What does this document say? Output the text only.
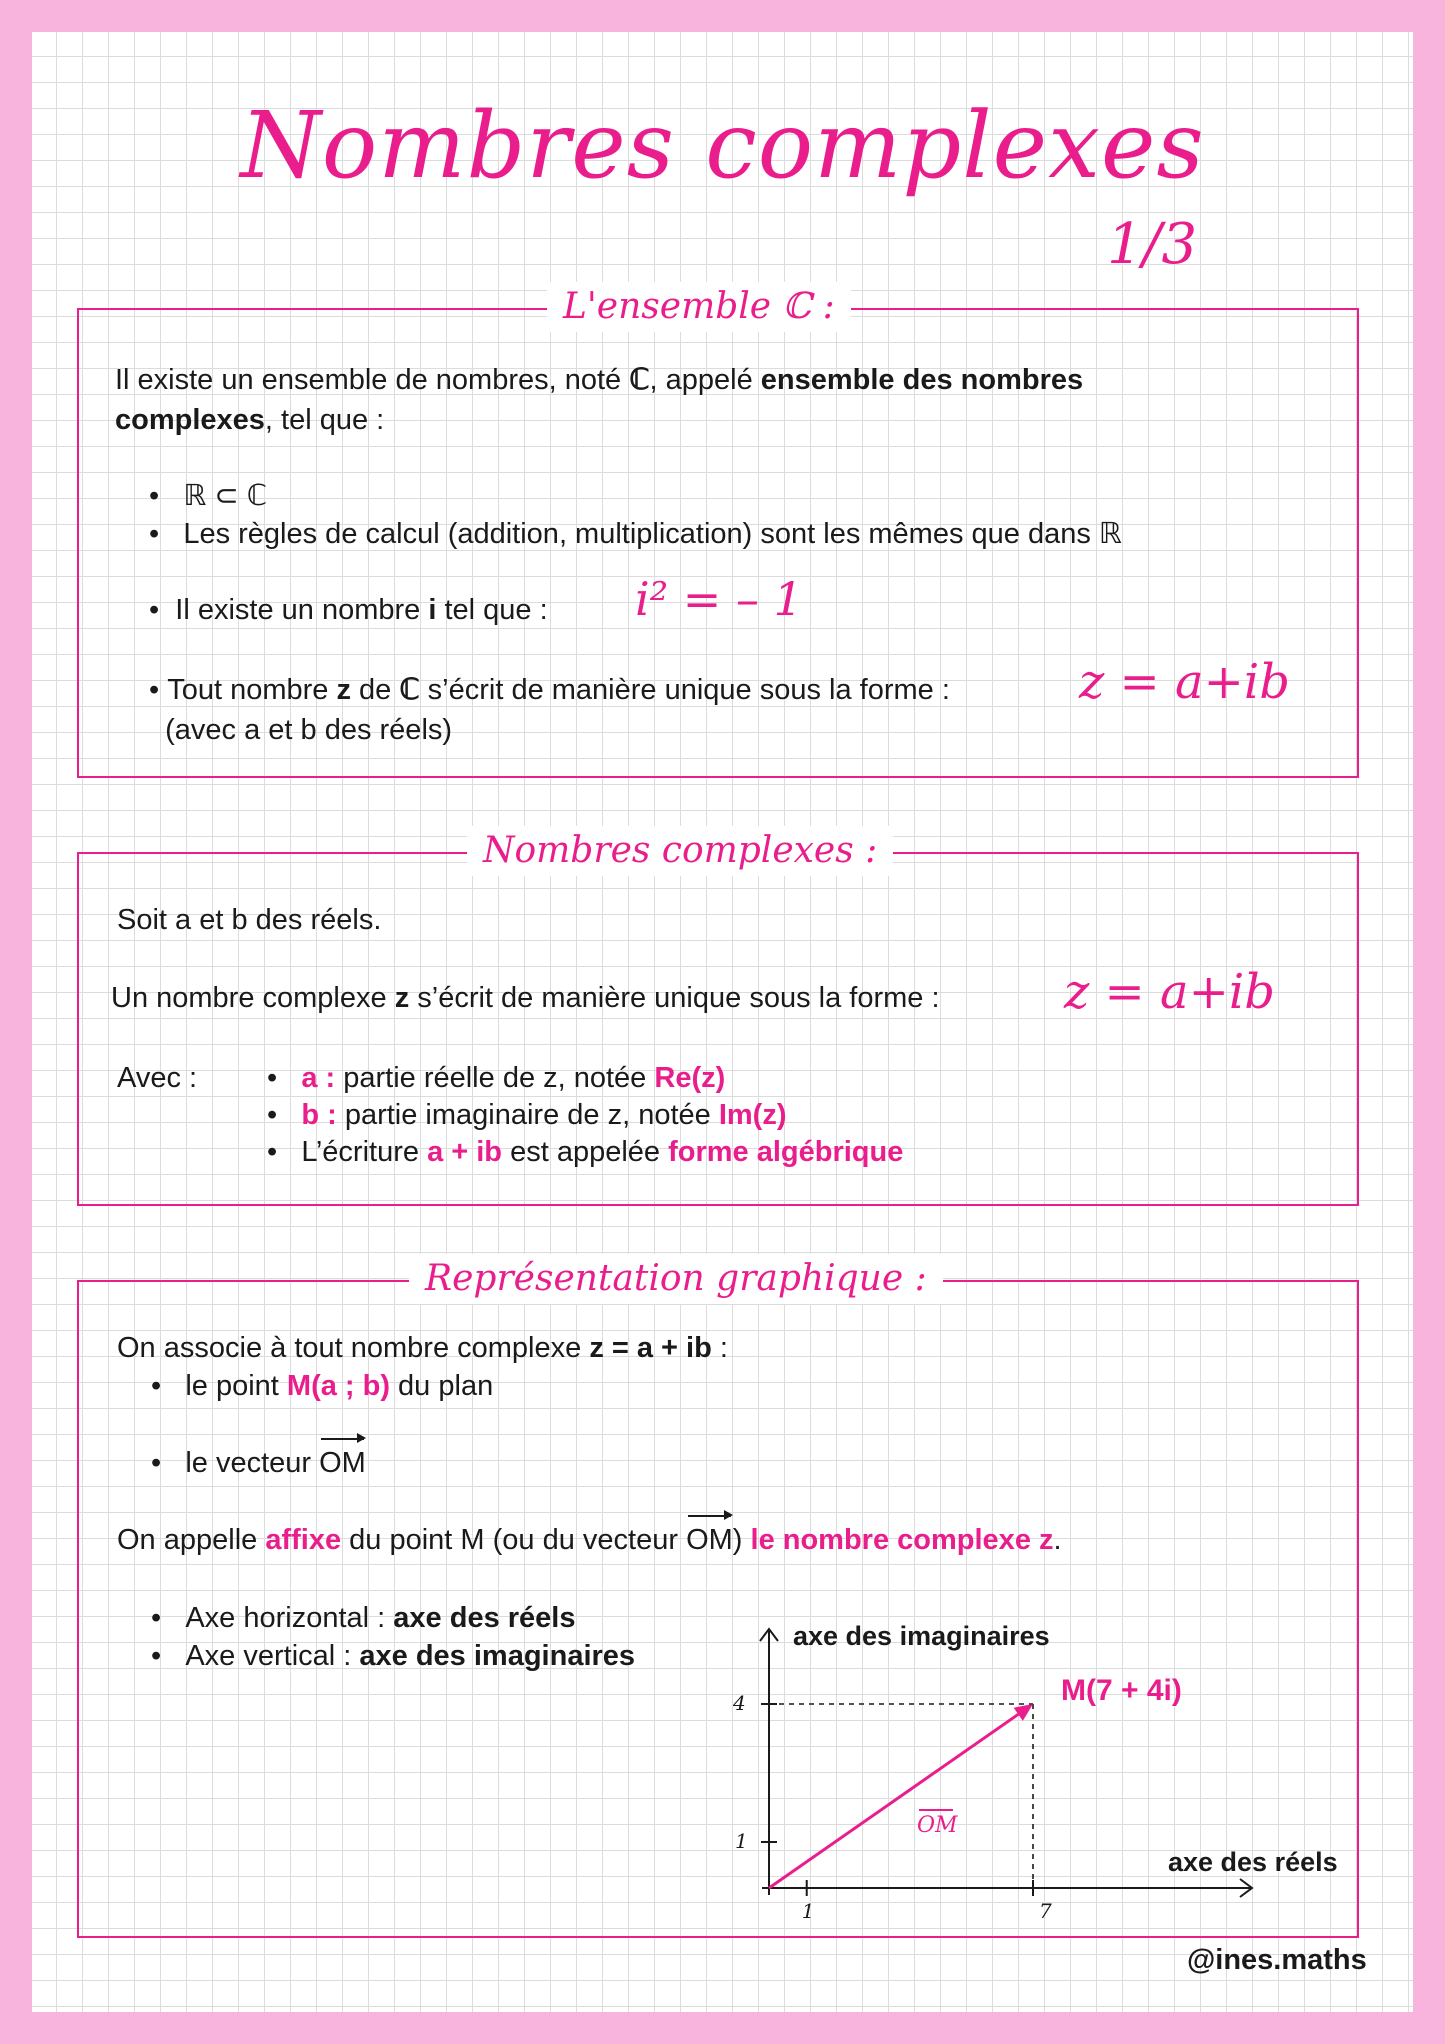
Nombres complexes
1/3
L'ensemble ℂ :
Il existe un ensemble de nombres, noté ℂ, appelé ensemble des nombres
complexes, tel que :
•   ℝ ⊂ ℂ
•   Les règles de calcul (addition, multiplication) sont les mêmes que dans ℝ
•  Il existe un nombre i tel que : i² = – 1
• Tout nombre z de ℂ s’écrit de manière unique sous la forme :
(avec a et b des réels)
z = a+ib
Nombres complexes :
Soit a et b des réels.
Un nombre complexe z s’écrit de manière unique sous la forme :	z = a+ib
Avec : •   a : partie réelle de z, notée Re(z)
•   b : partie imaginaire de z, notée Im(z)
•   L’écriture a + ib est appelée forme algébrique
Représentation graphique :
On associe à tout nombre complexe z = a + ib :
•   le point M(a ; b) du plan
•   le vecteur OM
On appelle affixe du point M (ou du vecteur OM) le nombre complexe z.
•   Axe horizontal : axe des réels
•   Axe vertical : axe des imaginaires
1	7
1
4
axe des imaginaires
axe des réels
M(7 + 4i)
OM
@ines.maths
